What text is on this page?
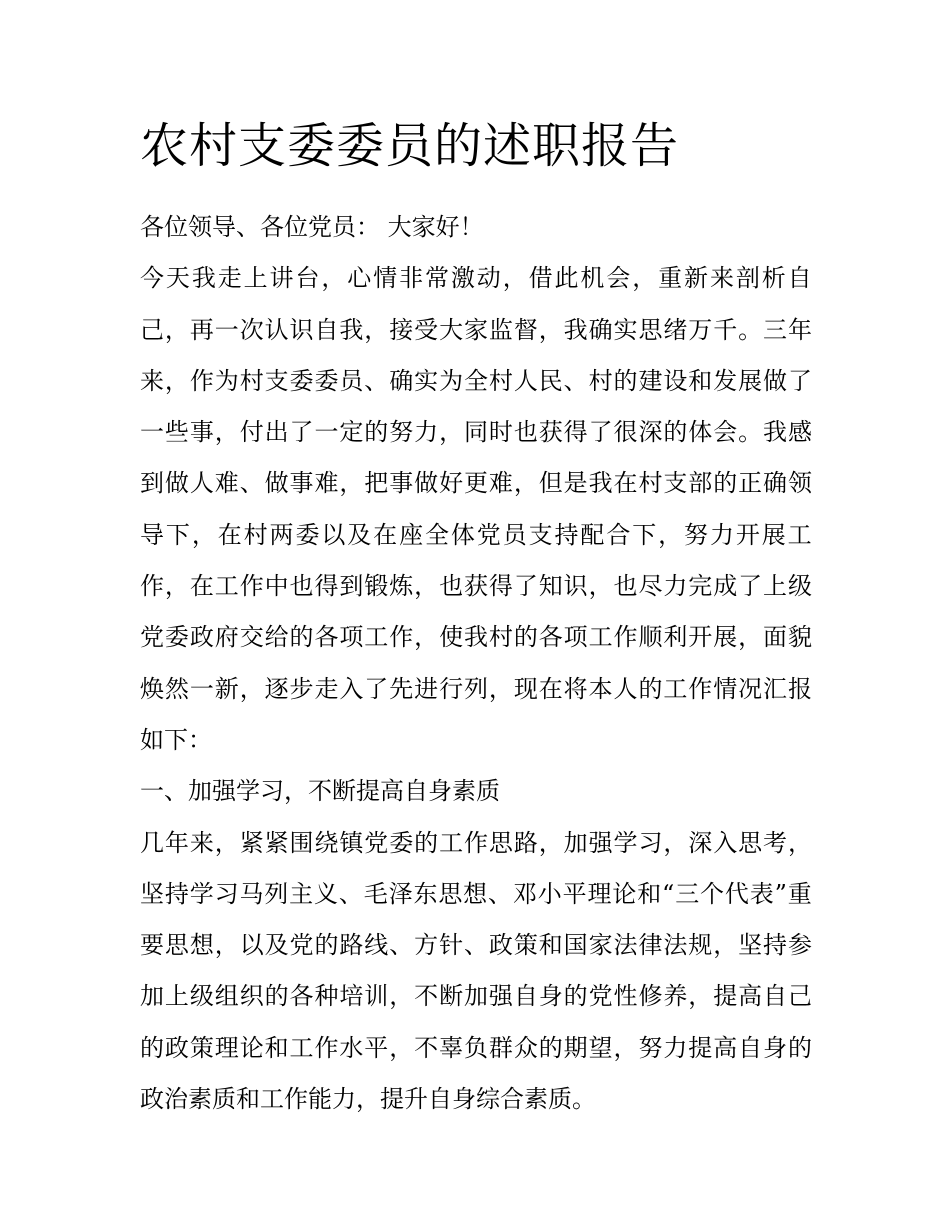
农村支委委员的述职报告
各位领导、各位党员： 大家好！
今 天 我 走 上 讲 台 ， 心 情 非 常 激 动 ， 借 此 机 会 ， 重 新 来 剖 析 自
己 ， 再 一 次 认 识 自 我 ， 接 受 大 家 监 督 ， 我 确 实 思 绪 万 千 。 三 年
来 ， 作 为 村 支 委 委 员 、 确 实 为 全 村 人 民 、 村 的 建 设 和 发 展 做 了
一 些 事 ， 付 出 了 一 定 的 努 力 ， 同 时 也 获 得 了 很 深 的 体 会 。 我 感
到 做 人 难 、 做 事 难 ， 把 事 做 好 更 难 ， 但 是 我 在 村 支 部 的 正 确 领
导 下 ， 在 村 两 委 以 及 在 座 全 体 党 员 支 持 配 合 下 ， 努 力 开 展 工
作 ， 在 工 作 中 也 得 到 锻 炼 ， 也 获 得 了 知 识 ， 也 尽 力 完 成 了 上 级
党 委 政 府 交 给 的 各 项 工 作 ， 使 我 村 的 各 项 工 作 顺 利 开 展 ， 面 貌
焕 然 一 新 ， 逐 步 走 入 了 先 进 行 列 ， 现 在 将 本 人 的 工 作 情 况 汇 报
如下：
一、加强学习，不断提高自身素质
几 年 来 ， 紧 紧 围 绕 镇 党 委 的 工 作 思 路 ， 加 强 学 习 ， 深 入 思 考 ，
坚 持 学 习 马 列 主 义 、 毛 泽 东 思 想 、 邓 小 平 理 论 和 “ 三 个 代 表 ” 重
要 思 想 ， 以 及 党 的 路 线 、 方 针 、 政 策 和 国 家 法 律 法 规 ， 坚 持 参
加 上 级 组 织 的 各 种 培 训 ， 不 断 加 强 自 身 的 党 性 修 养 ， 提 高 自 己
的 政 策 理 论 和 工 作 水 平 ， 不 辜 负 群 众 的 期 望 ， 努 力 提 高 自 身 的
政治素质和工作能力，提升自身综合素质。
